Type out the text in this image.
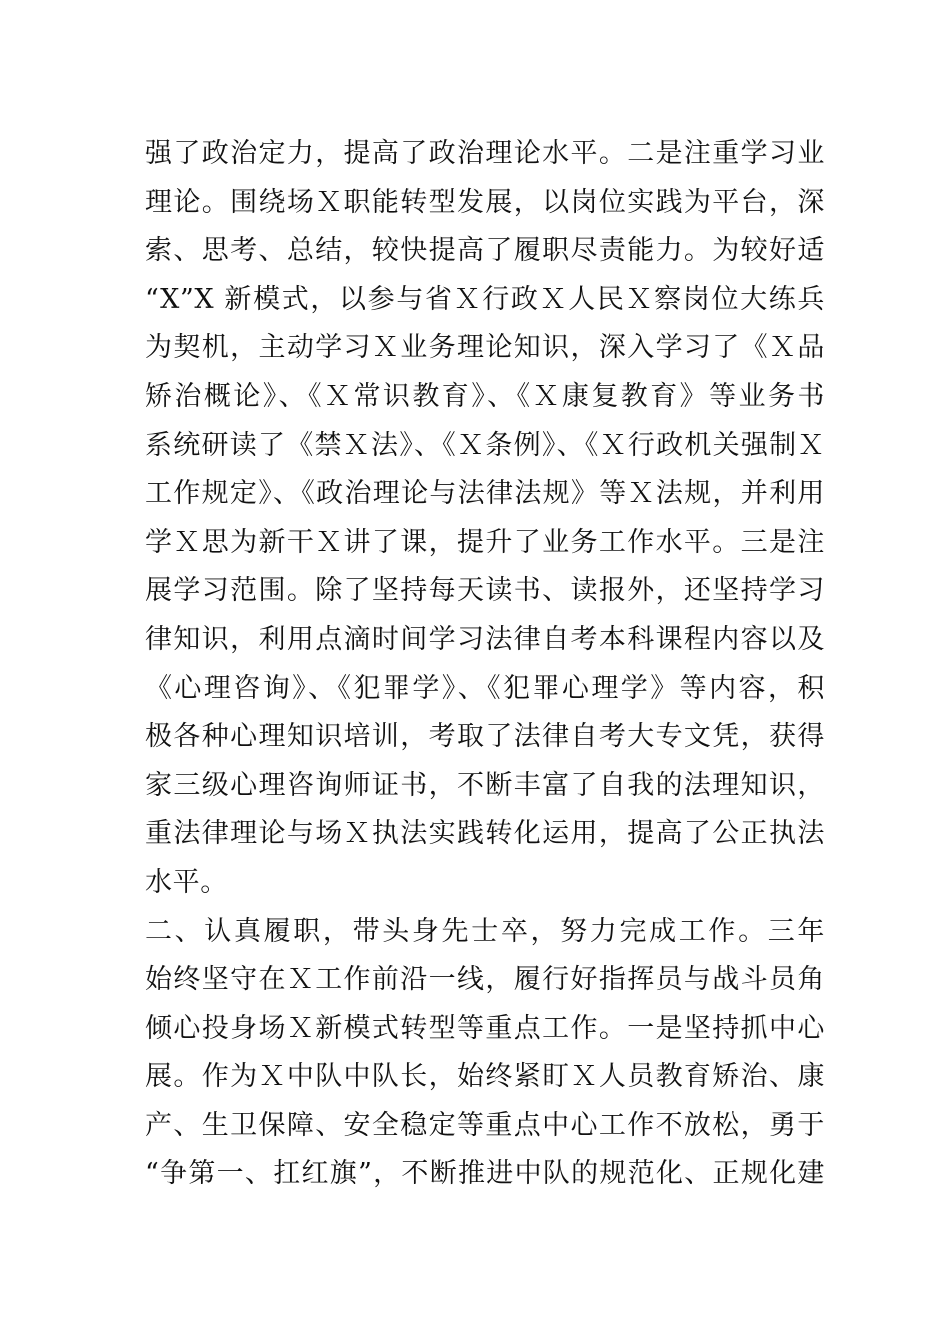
强了政治定力，提高了政治理论水平。二是注重学习业
理论。围绕场Ｘ职能转型发展，以岗位实践为平台，深
索、思考、总结，较快提高了履职尽责能力。为较好适
“X”X 新模式，以参与省Ｘ行政Ｘ人民Ｘ察岗位大练兵
为契机，主动学习Ｘ业务理论知识，深入学习了《Ｘ品
矫治概论》、《Ｘ常识教育》、《Ｘ康复教育》等业务书
系统研读了《禁Ｘ法》、《Ｘ条例》、《Ｘ行政机关强制Ｘ
工作规定》、《政治理论与法律法规》等Ｘ法规，并利用
学Ｘ思为新干Ｘ讲了课，提升了业务工作水平。三是注
展学习范围。除了坚持每天读书、读报外，还坚持学习
律知识，利用点滴时间学习法律自考本科课程内容以及
《心理咨询》、《犯罪学》、《犯罪心理学》等内容，积
极各种心理知识培训，考取了法律自考大专文凭，获得
家三级心理咨询师证书，不断丰富了自我的法理知识，
重法律理论与场Ｘ执法实践转化运用，提高了公正执法
水平。
二、认真履职，带头身先士卒，努力完成工作。三年
始终坚守在Ｘ工作前沿一线，履行好指挥员与战斗员角
倾心投身场Ｘ新模式转型等重点工作。一是坚持抓中心
展。作为Ｘ中队中队长，始终紧盯Ｘ人员教育矫治、康
产、生卫保障、安全稳定等重点中心工作不放松，勇于
“争第一、扛红旗”，不断推进中队的规范化、正规化建
